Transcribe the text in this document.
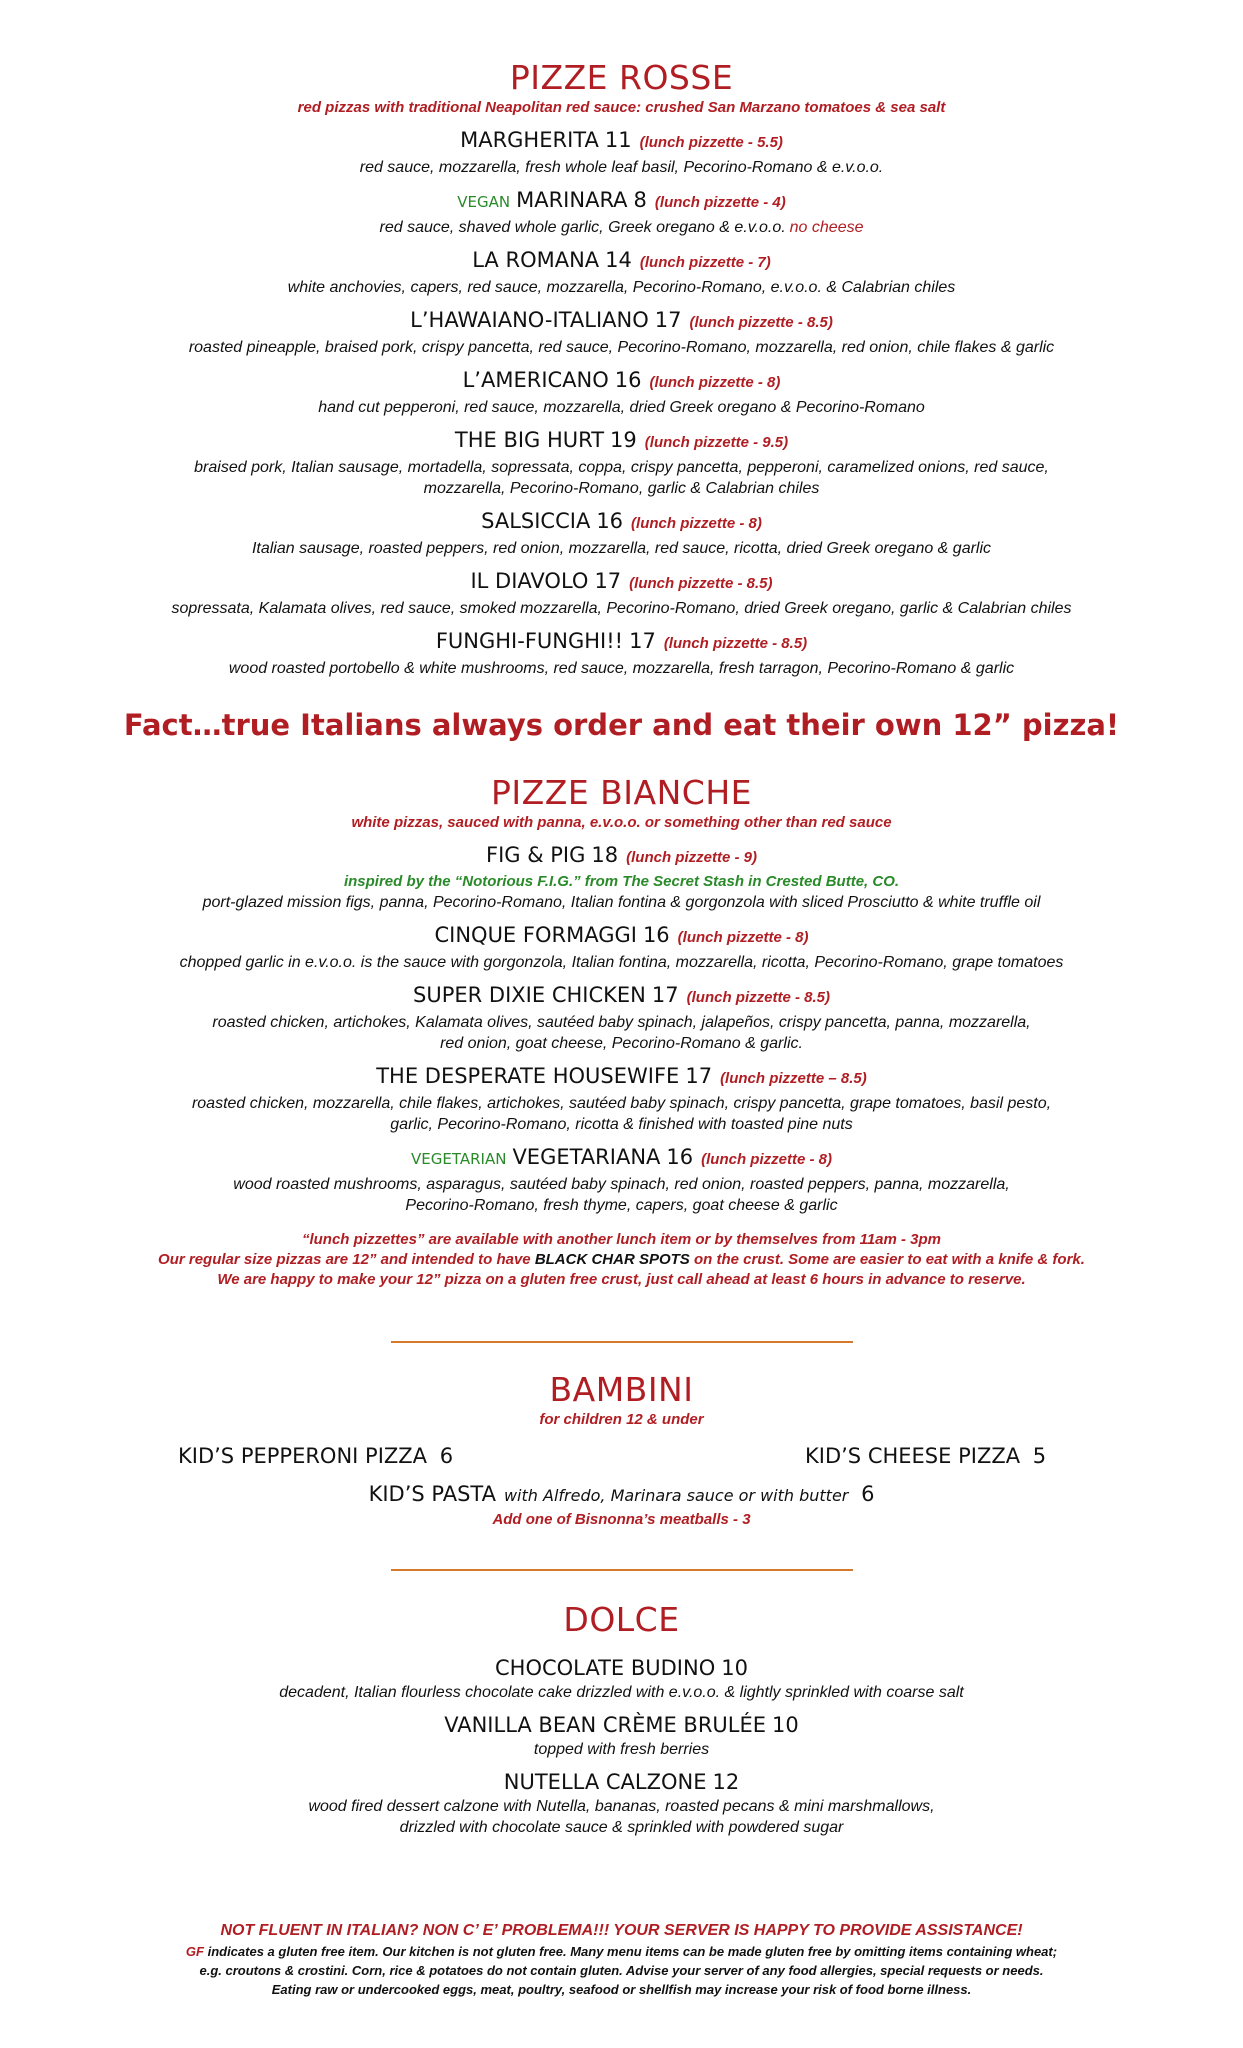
PIZZE ROSSE
red pizzas with traditional Neapolitan red sauce: crushed San Marzano tomatoes & sea salt
MARGHERITA 11 (lunch pizzette - 5.5)
red sauce, mozzarella, fresh whole leaf basil, Pecorino-Romano & e.v.o.o.
VEGAN MARINARA 8 (lunch pizzette - 4)
red sauce, shaved whole garlic, Greek oregano & e.v.o.o. no cheese
LA ROMANA 14 (lunch pizzette - 7)
white anchovies, capers, red sauce, mozzarella, Pecorino-Romano, e.v.o.o. & Calabrian chiles
L’HAWAIANO-ITALIANO 17 (lunch pizzette - 8.5)
roasted pineapple, braised pork, crispy pancetta, red sauce, Pecorino-Romano, mozzarella, red onion, chile flakes & garlic
L’AMERICANO 16 (lunch pizzette - 8)
hand cut pepperoni, red sauce, mozzarella, dried Greek oregano & Pecorino-Romano
THE BIG HURT 19 (lunch pizzette - 9.5)
braised pork, Italian sausage, mortadella, sopressata, coppa, crispy pancetta, pepperoni, caramelized onions, red sauce,
mozzarella, Pecorino-Romano, garlic & Calabrian chiles
SALSICCIA 16 (lunch pizzette - 8)
Italian sausage, roasted peppers, red onion, mozzarella, red sauce, ricotta, dried Greek oregano & garlic
IL DIAVOLO 17 (lunch pizzette - 8.5)
sopressata, Kalamata olives, red sauce, smoked mozzarella, Pecorino-Romano, dried Greek oregano, garlic & Calabrian chiles
FUNGHI-FUNGHI!! 17 (lunch pizzette - 8.5)
wood roasted portobello & white mushrooms, red sauce, mozzarella, fresh tarragon, Pecorino-Romano & garlic
Fact…true Italians always order and eat their own 12” pizza!
PIZZE BIANCHE
white pizzas, sauced with panna, e.v.o.o. or something other than red sauce
FIG & PIG 18 (lunch pizzette - 9)
inspired by the “Notorious F.I.G.” from The Secret Stash in Crested Butte, CO.
port-glazed mission figs, panna, Pecorino-Romano, Italian fontina & gorgonzola with sliced Prosciutto & white truffle oil
CINQUE FORMAGGI 16 (lunch pizzette - 8)
chopped garlic in e.v.o.o. is the sauce with gorgonzola, Italian fontina, mozzarella, ricotta, Pecorino-Romano, grape tomatoes
SUPER DIXIE CHICKEN 17 (lunch pizzette - 8.5)
roasted chicken, artichokes, Kalamata olives, sautéed baby spinach, jalapeños, crispy pancetta, panna, mozzarella,
red onion, goat cheese, Pecorino-Romano & garlic.
THE DESPERATE HOUSEWIFE 17 (lunch pizzette – 8.5)
roasted chicken, mozzarella, chile flakes, artichokes, sautéed baby spinach, crispy pancetta, grape tomatoes, basil pesto,
garlic, Pecorino-Romano, ricotta & finished with toasted pine nuts
VEGETARIAN VEGETARIANA 16 (lunch pizzette - 8)
wood roasted mushrooms, asparagus, sautéed baby spinach, red onion, roasted peppers, panna, mozzarella,
Pecorino-Romano, fresh thyme, capers, goat cheese & garlic
“lunch pizzettes” are available with another lunch item or by themselves from 11am - 3pm
Our regular size pizzas are 12” and intended to have BLACK CHAR SPOTS on the crust. Some are easier to eat with a knife & fork.
We are happy to make your 12” pizza on a gluten free crust, just call ahead at least 6 hours in advance to reserve.
BAMBINI
for children 12 & under
KID’S PEPPERONI PIZZA 6	KID’S CHEESE PIZZA 5
KID’S PASTA with Alfredo, Marinara sauce or with butter 6
Add one of Bisnonna’s meatballs - 3
DOLCE
CHOCOLATE BUDINO 10
decadent, Italian flourless chocolate cake drizzled with e.v.o.o. & lightly sprinkled with coarse salt
VANILLA BEAN CRÈME BRULÉE 10
topped with fresh berries
NUTELLA CALZONE 12
wood fired dessert calzone with Nutella, bananas, roasted pecans & mini marshmallows,
drizzled with chocolate sauce & sprinkled with powdered sugar
NOT FLUENT IN ITALIAN? NON C’ E’ PROBLEMA!!! YOUR SERVER IS HAPPY TO PROVIDE ASSISTANCE!
GF indicates a gluten free item. Our kitchen is not gluten free. Many menu items can be made gluten free by omitting items containing wheat;
e.g. croutons & crostini. Corn, rice & potatoes do not contain gluten. Advise your server of any food allergies, special requests or needs.
Eating raw or undercooked eggs, meat, poultry, seafood or shellfish may increase your risk of food borne illness.
